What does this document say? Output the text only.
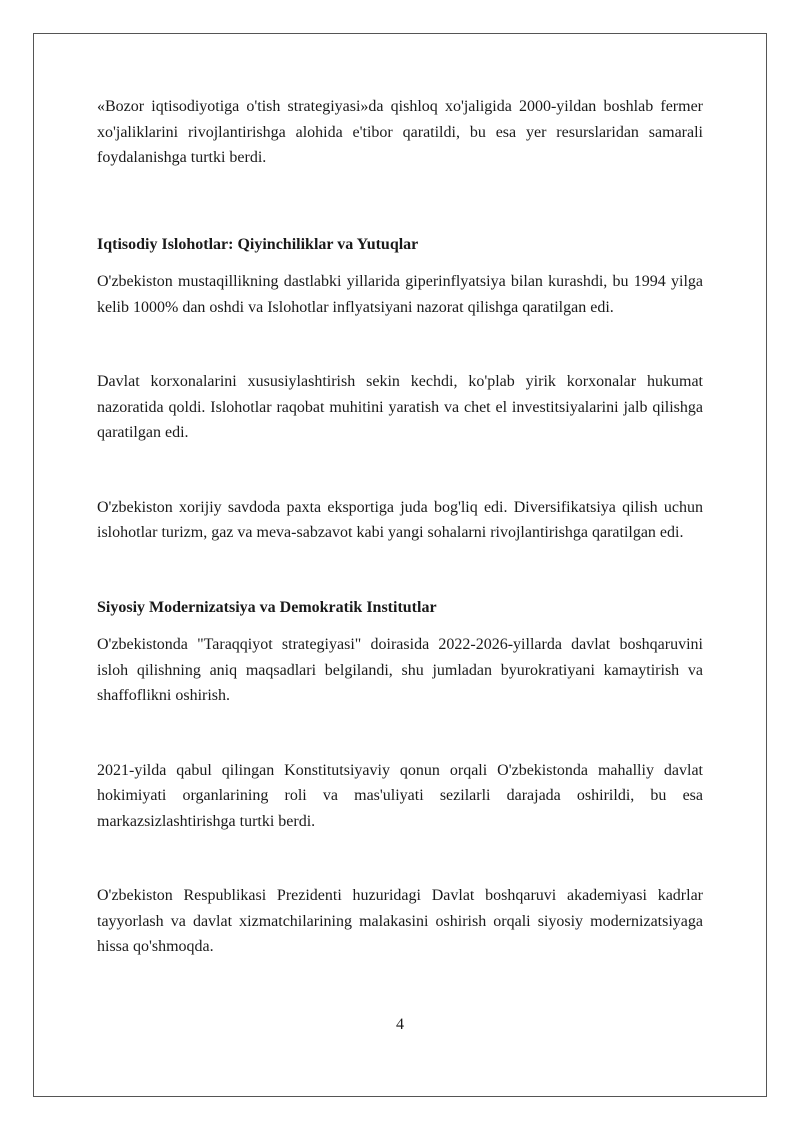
«Bozor iqtisodiyotiga o'tish strategiyasi»da qishloq xo'jaligida 2000-yildan boshlab fermer xo'jaliklarini rivojlantirishga alohida e'tibor qaratildi, bu esa yer resurslaridan samarali foydalanishga turtki berdi.

Iqtisodiy Islohotlar: Qiyinchiliklar va Yutuqlar

O'zbekiston mustaqillikning dastlabki yillarida giperinflyatsiya bilan kurashdi, bu 1994 yilga kelib 1000% dan oshdi va Islohotlar inflyatsiyani nazorat qilishga qaratilgan edi.

Davlat korxonalarini xususiylashtirish sekin kechdi, ko'plab yirik korxonalar hukumat nazoratida qoldi. Islohotlar raqobat muhitini yaratish va chet el investitsiyalarini jalb qilishga qaratilgan edi.

O'zbekiston xorijiy savdoda paxta eksportiga juda bog'liq edi. Diversifikatsiya qilish uchun islohotlar turizm, gaz va meva-sabzavot kabi yangi sohalarni rivojlantirishga qaratilgan edi.

Siyosiy Modernizatsiya va Demokratik Institutlar

O'zbekistonda "Taraqqiyot strategiyasi" doirasida 2022-2026-yillarda davlat boshqaruvini isloh qilishning aniq maqsadlari belgilandi, shu jumladan byurokratiyani kamaytirish va shaffoflikni oshirish.

2021-yilda qabul qilingan Konstitutsiyaviy qonun orqali O'zbekistonda mahalliy davlat hokimiyati organlarining roli va mas'uliyati sezilarli darajada oshirildi, bu esa markazsizlashtirishga turtki berdi.

O'zbekiston Respublikasi Prezidenti huzuridagi Davlat boshqaruvi akademiyasi kadrlar tayyorlash va davlat xizmatchilarining malakasini oshirish orqali siyosiy modernizatsiyaga hissa qo'shmoqda.

4
